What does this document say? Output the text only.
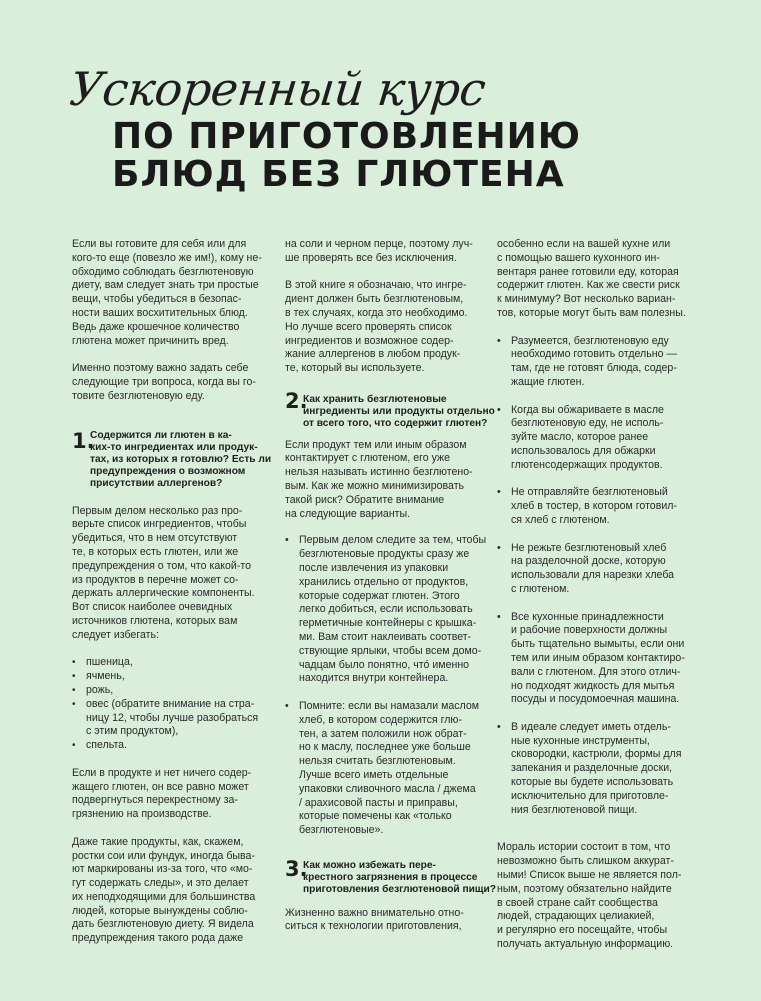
Ускоренный курс
ПО ПРИГОТОВЛЕНИЮ
БЛЮД БЕЗ ГЛЮТЕНА

Если вы готовите для себя или для
кого-то еще (повезло же им!), кому не-
обходимо соблюдать безглютеновую
диету, вам следует знать три простые
вещи, чтобы убедиться в безопас-
ности ваших восхитительных блюд.
Ведь даже крошечное количество
глютена может причинить вред.

Именно поэтому важно задать себе
следующие три вопроса, когда вы го-
товите безглютеновую еду.

1.
Содержится ли глютен в ка-
ких-то ингредиентах или продук-
тах, из которых я готовлю? Есть ли
предупреждения о возможном
присутствии аллергенов?

Первым делом несколько раз про-
верьте список ингредиентов, чтобы
убедиться, что в нем отсутствуют
те, в которых есть глютен, или же
предупреждения о том, что какой-то
из продуктов в перечне может со-
держать аллергические компоненты.
Вот список наиболее очевидных
источников глютена, которых вам
следует избегать:

• пшеница,
• ячмень,
• рожь,
• овес (обратите внимание на стра-
ницу 12, чтобы лучше разобраться
с этим продуктом),
• спельта.

Если в продукте и нет ничего содер-
жащего глютен, он все равно может
подвергнуться перекрестному за-
грязнению на производстве.

Даже такие продукты, как, скажем,
ростки сои или фундук, иногда быва-
ют маркированы из-за того, что «мо-
гут содержать следы», и это делает
их неподходящими для большинства
людей, которые вынуждены соблю-
дать безглютеновую диету. Я видела
предупреждения такого рода даже

на соли и черном перце, поэтому луч-
ше проверять все без исключения.

В этой книге я обозначаю, что ингре-
диент должен быть безглютеновым,
в тех случаях, когда это необходимо.
Но лучше всего проверять список
ингредиентов и возможное содер-
жание аллергенов в любом продук-
те, который вы используете.

2.
Как хранить безглютеновые
ингредиенты или продукты отдельно
от всего того, что содержит глютен?

Если продукт тем или иным образом
контактирует с глютеном, его уже
нельзя называть истинно безглютено-
вым. Как же можно минимизировать
такой риск? Обратите внимание
на следующие варианты.

• Первым делом следите за тем, чтобы
безглютеновые продукты сразу же
после извлечения из упаковки
хранились отдельно от продуктов,
которые содержат глютен. Этого
легко добиться, если использовать
герметичные контейнеры с крышка-
ми. Вам стоит наклеивать соответ-
ствующие ярлыки, чтобы всем домо-
чадцам было понятно, что́ именно
находится внутри контейнера.
• Помните: если вы намазали маслом
хлеб, в котором содержится глю-
тен, а затем положили нож обрат-
но к маслу, последнее уже больше
нельзя считать безглютеновым.
Лучше всего иметь отдельные
упаковки сливочного масла / джема
/ арахисовой пасты и приправы,
которые помечены как «только
безглютеновые».
3.
Как можно избежать пере-
крестного загрязнения в процессе
приготовления безглютеновой пищи?

Жизненно важно внимательно отно-
ситься к технологии приготовления,

особенно если на вашей кухне или
с помощью вашего кухонного ин-
вентаря ранее готовили еду, которая
содержит глютен. Как же свести риск
к минимуму? Вот несколько вариан-
тов, которые могут быть вам полезны.

• Разумеется, безглютеновую еду
необходимо готовить отдельно —
там, где не готовят блюда, содер-
жащие глютен.
• Когда вы обжариваете в масле
безглютеновую еду, не исполь-
зуйте масло, которое ранее
использовалось для обжарки
глютенсодержащих продуктов.
• Не отправляйте безглютеновый
хлеб в тостер, в котором готовил-
ся хлеб с глютеном.
• Не режьте безглютеновый хлеб
на разделочной доске, которую
использовали для нарезки хлеба
с глютеном.
• Все кухонные принадлежности
и рабочие поверхности должны
быть тщательно вымыты, если они
тем или иным образом контактиро-
вали с глютеном. Для этого отлич-
но подходят жидкость для мытья
посуды и посудомоечная машина.
• В идеале следует иметь отдель-
ные кухонные инструменты,
сковородки, кастрюли, формы для
запекания и разделочные доски,
которые вы будете использовать
исключительно для приготовле-
ния безглютеновой пищи.

Мораль истории состоит в том, что
невозможно быть слишком аккурат-
ными! Список выше не является пол-
ным, поэтому обязательно найдите
в своей стране сайт сообщества
людей, страдающих целиакией,
и регулярно его посещайте, чтобы
получать актуальную информацию.
